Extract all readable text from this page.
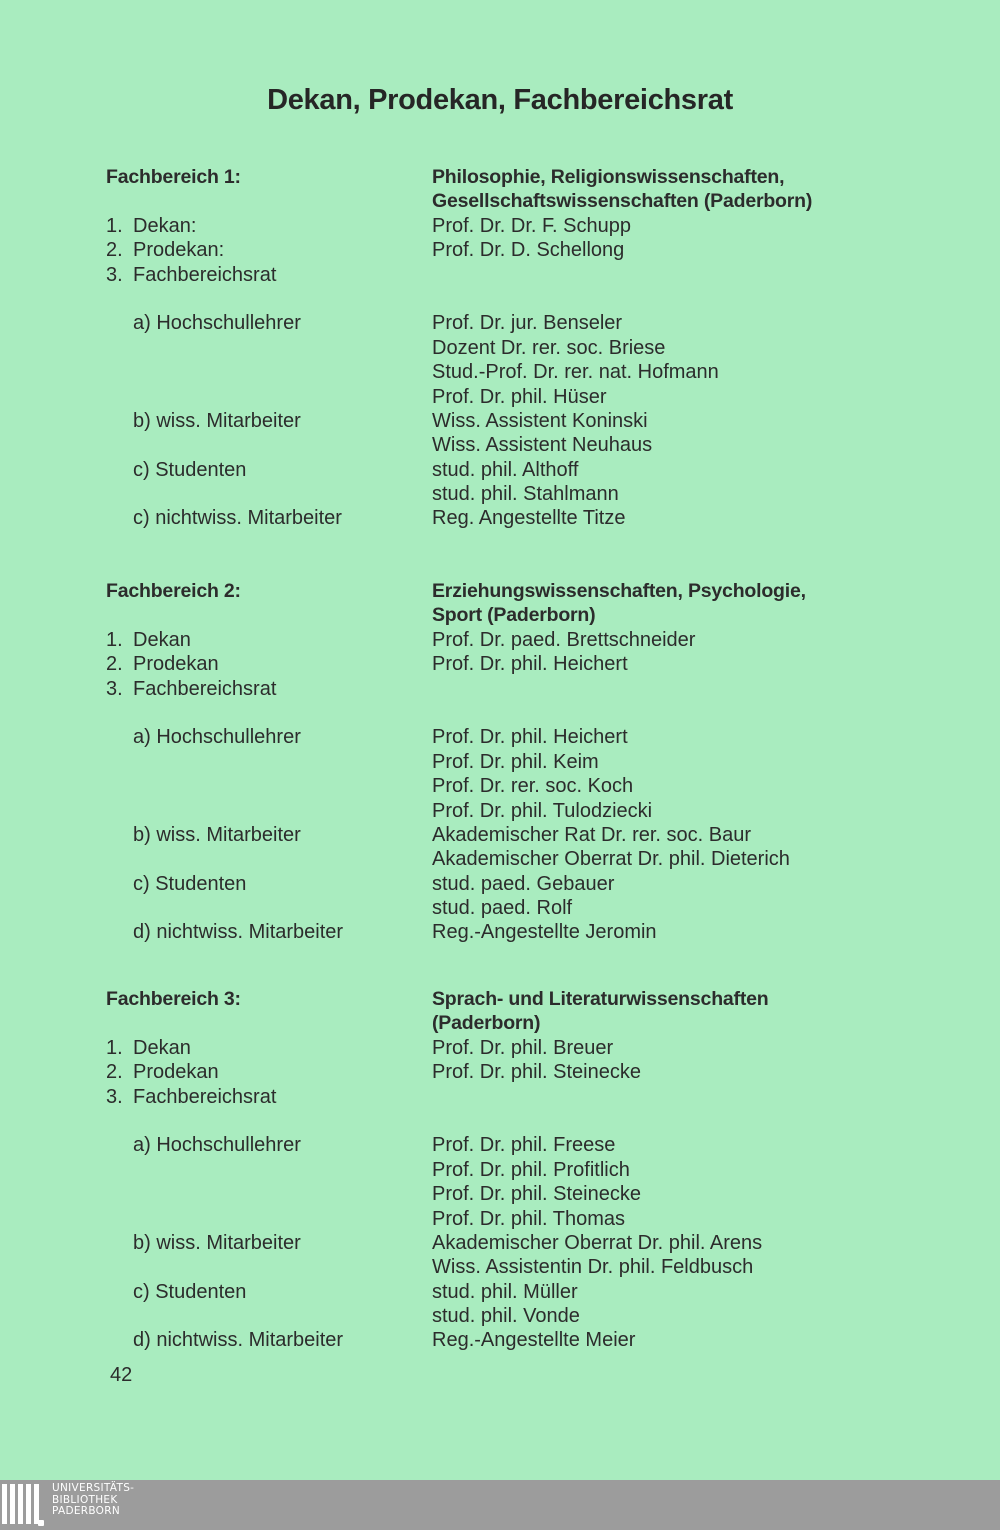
Dekan, Prodekan, Fachbereichsrat
Fachbereich 1:	Philosophie, Religionswissenschaften,
Gesellschaftswissenschaften (Paderborn)
1. Dekan:	Prof. Dr. Dr. F. Schupp
2. Prodekan:	Prof. Dr. D. Schellong
3. Fachbereichsrat
a) Hochschullehrer	Prof. Dr. jur. Benseler
Dozent Dr. rer. soc. Briese
Stud.-Prof. Dr. rer. nat. Hofmann
Prof. Dr. phil. Hüser
b) wiss. Mitarbeiter	Wiss. Assistent Koninski
Wiss. Assistent Neuhaus
c) Studenten	stud. phil. Althoff
stud. phil. Stahlmann
c) nichtwiss. Mitarbeiter	Reg. Angestellte Titze
Fachbereich 2:	Erziehungswissenschaften, Psychologie,
Sport (Paderborn)
1. Dekan	Prof. Dr. paed. Brettschneider
2. Prodekan	Prof. Dr. phil. Heichert
3. Fachbereichsrat
a) Hochschullehrer	Prof. Dr. phil. Heichert
Prof. Dr. phil. Keim
Prof. Dr. rer. soc. Koch
Prof. Dr. phil. Tulodziecki
b) wiss. Mitarbeiter	Akademischer Rat Dr. rer. soc. Baur
Akademischer Oberrat Dr. phil. Dieterich
c) Studenten	stud. paed. Gebauer
stud. paed. Rolf
d) nichtwiss. Mitarbeiter	Reg.-Angestellte Jeromin
Fachbereich 3:	Sprach- und Literaturwissenschaften
(Paderborn)
1. Dekan	Prof. Dr. phil. Breuer
2. Prodekan	Prof. Dr. phil. Steinecke
3. Fachbereichsrat
a) Hochschullehrer	Prof. Dr. phil. Freese
Prof. Dr. phil. Profitlich
Prof. Dr. phil. Steinecke
Prof. Dr. phil. Thomas
b) wiss. Mitarbeiter	Akademischer Oberrat Dr. phil. Arens
Wiss. Assistentin Dr. phil. Feldbusch
c) Studenten	stud. phil. Müller
stud. phil. Vonde
d) nichtwiss. Mitarbeiter	Reg.-Angestellte Meier
42
UNIVERSITÄTS-
BIBLIOTHEK
PADERBORN
